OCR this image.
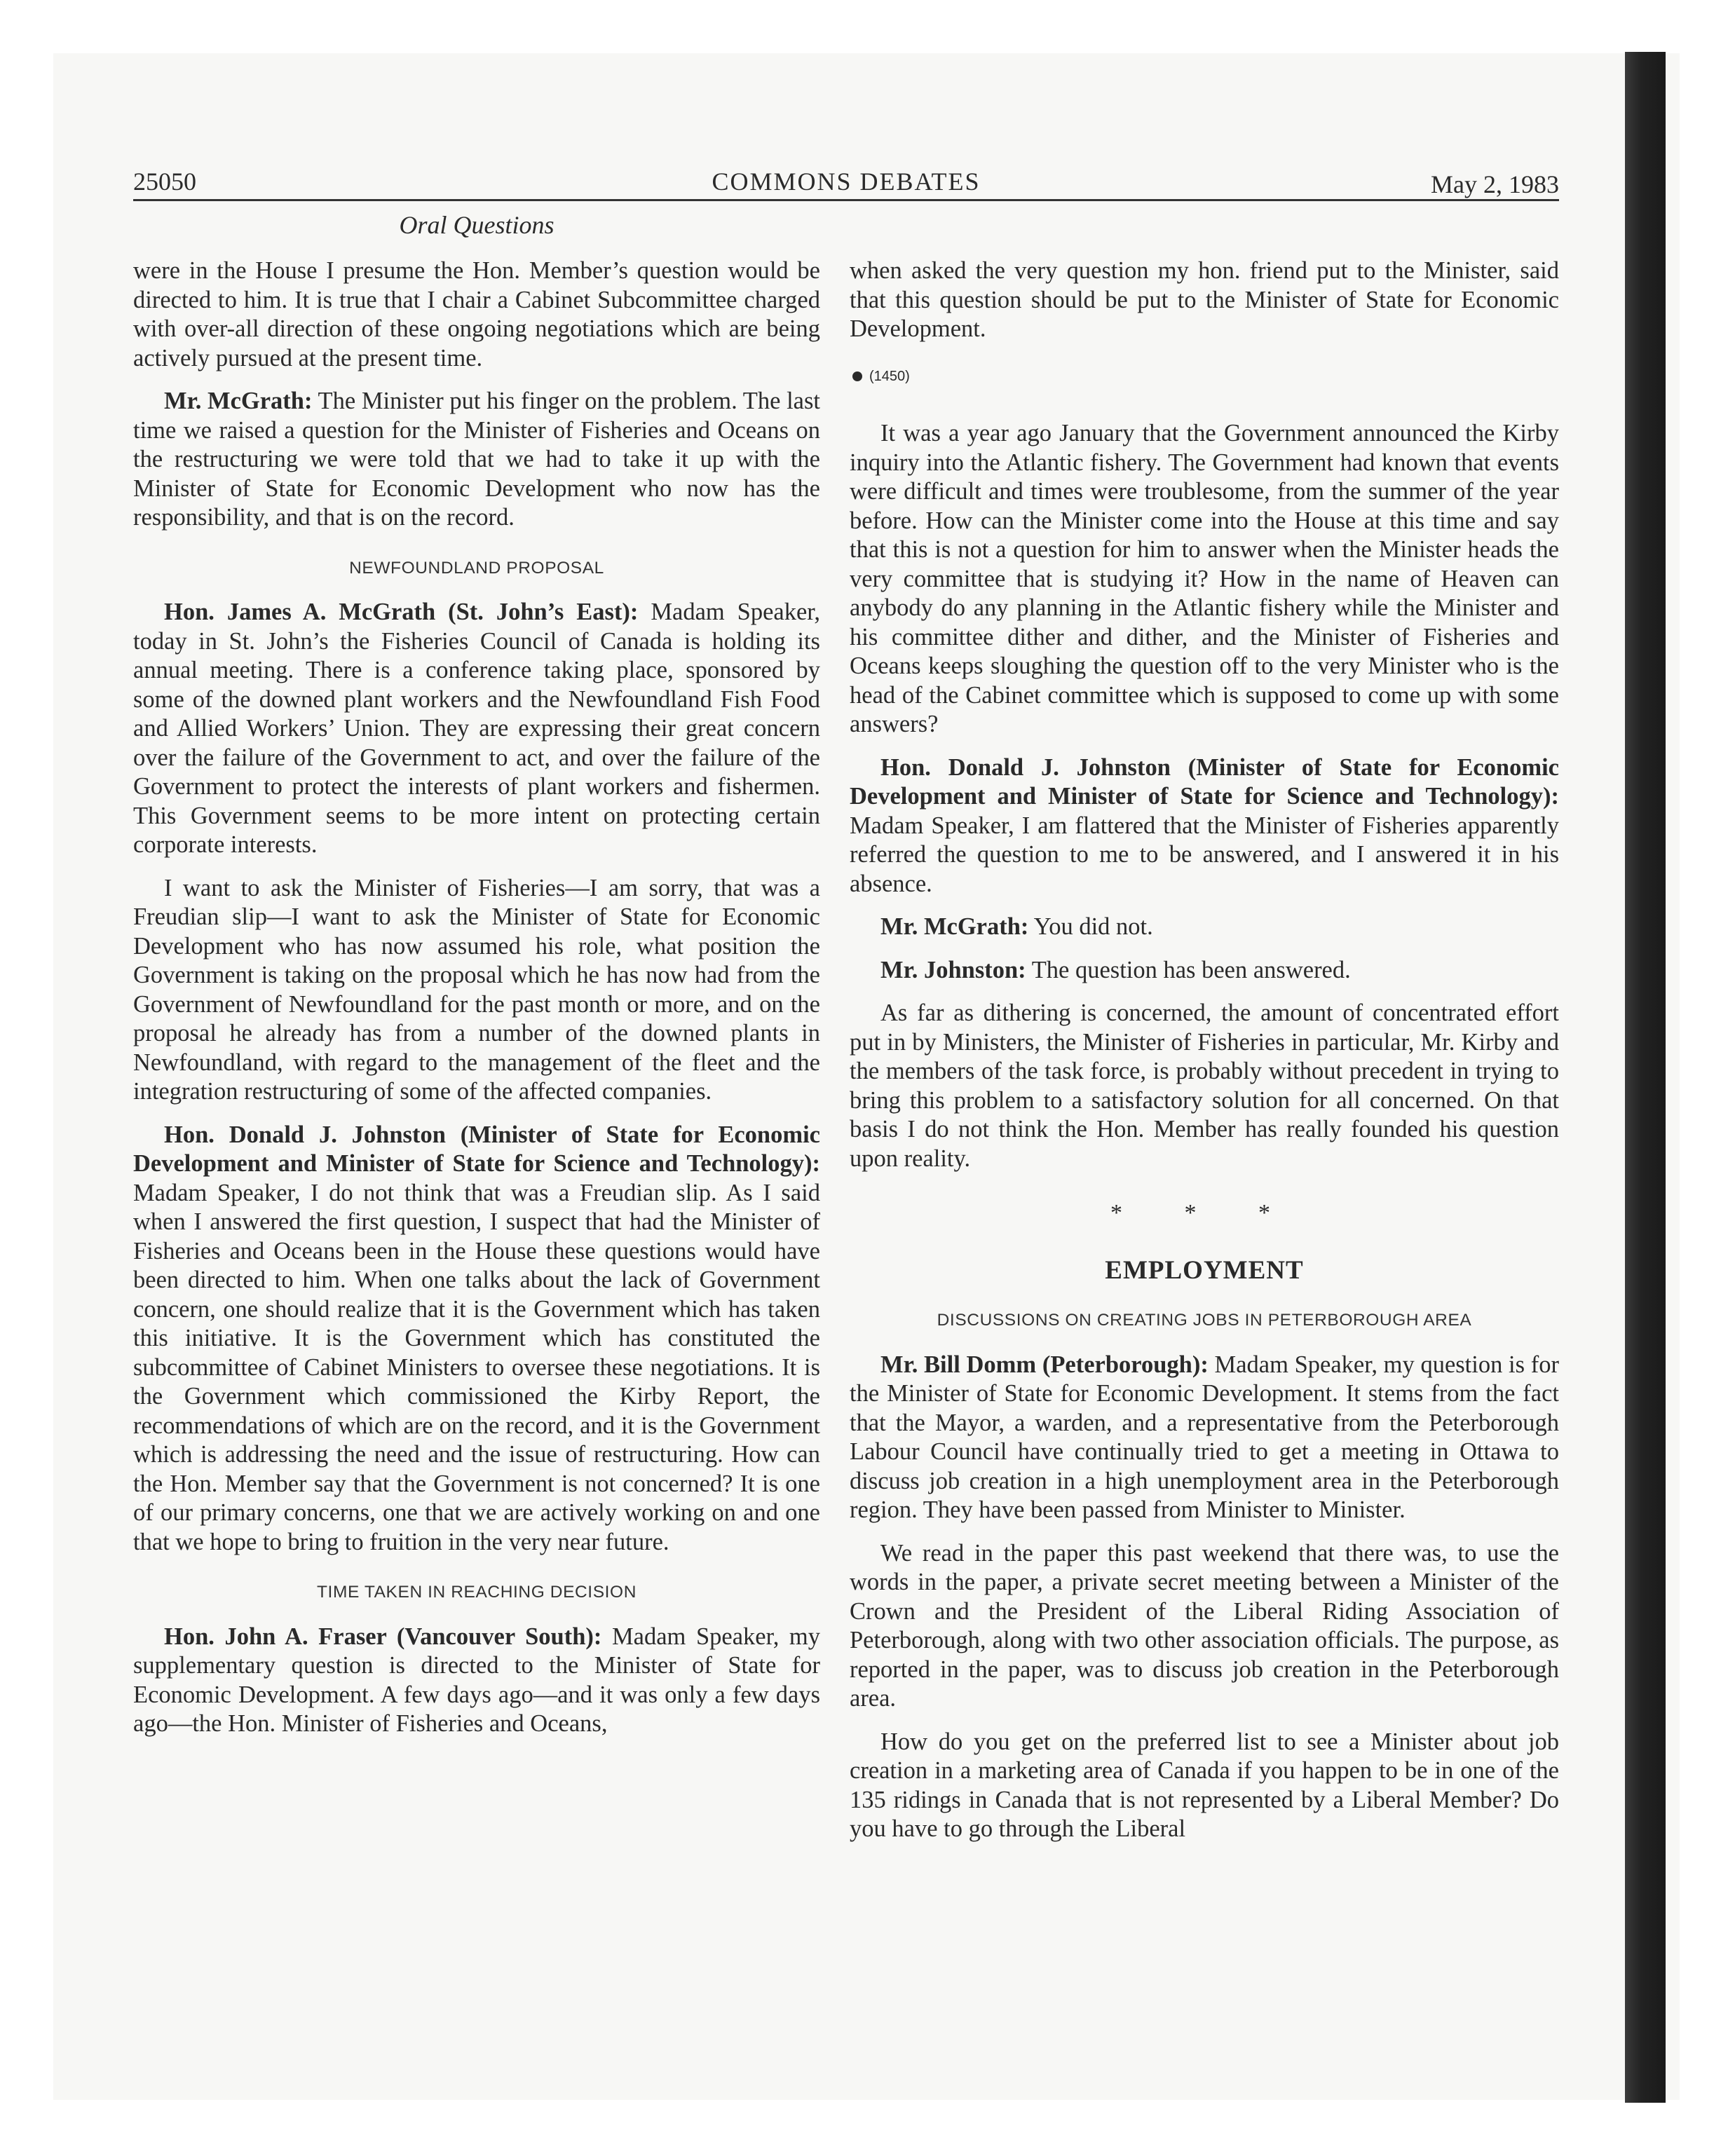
25050	COMMONS DEBATES	May 2, 1983
Oral Questions

were in the House I presume the Hon. Member’s question would be directed to him. It is true that I chair a Cabinet Subcommittee charged with over-all direction of these ongoing negotiations which are being actively pursued at the present time.

Mr. McGrath: The Minister put his finger on the problem. The last time we raised a question for the Minister of Fisheries and Oceans on the restructuring we were told that we had to take it up with the Minister of State for Economic Development who now has the responsibility, and that is on the record.

NEWFOUNDLAND PROPOSAL

Hon. James A. McGrath (St. John’s East): Madam Speaker, today in St. John’s the Fisheries Council of Canada is holding its annual meeting. There is a conference taking place, sponsored by some of the downed plant workers and the Newfoundland Fish Food and Allied Workers’ Union. They are expressing their great concern over the failure of the Government to act, and over the failure of the Government to protect the interests of plant workers and fishermen. This Government seems to be more intent on protecting certain corporate interests.

I want to ask the Minister of Fisheries—I am sorry, that was a Freudian slip—I want to ask the Minister of State for Economic Development who has now assumed his role, what position the Government is taking on the proposal which he has now had from the Government of Newfoundland for the past month or more, and on the proposal he already has from a number of the downed plants in Newfoundland, with regard to the management of the fleet and the integration restructuring of some of the affected companies.

Hon. Donald J. Johnston (Minister of State for Economic Development and Minister of State for Science and Technology): Madam Speaker, I do not think that was a Freudian slip. As I said when I answered the first question, I suspect that had the Minister of Fisheries and Oceans been in the House these questions would have been directed to him. When one talks about the lack of Government concern, one should realize that it is the Government which has taken this initiative. It is the Government which has constituted the subcommittee of Cabinet Ministers to oversee these negotiations. It is the Government which commissioned the Kirby Report, the recommendations of which are on the record, and it is the Government which is addressing the need and the issue of restructuring. How can the Hon. Member say that the Government is not concerned? It is one of our primary concerns, one that we are actively working on and one that we hope to bring to fruition in the very near future.

TIME TAKEN IN REACHING DECISION

Hon. John A. Fraser (Vancouver South): Madam Speaker, my supplementary question is directed to the Minister of State for Economic Development. A few days ago—and it was only a few days ago—the Hon. Minister of Fisheries and Oceans,

when asked the very question my hon. friend put to the Minister, said that this question should be put to the Minister of State for Economic Development.

(1450)

It was a year ago January that the Government announced the Kirby inquiry into the Atlantic fishery. The Government had known that events were difficult and times were troublesome, from the summer of the year before. How can the Minister come into the House at this time and say that this is not a question for him to answer when the Minister heads the very committee that is studying it? How in the name of Heaven can anybody do any planning in the Atlantic fishery while the Minister and his committee dither and dither, and the Minister of Fisheries and Oceans keeps sloughing the question off to the very Minister who is the head of the Cabinet committee which is supposed to come up with some answers?

Hon. Donald J. Johnston (Minister of State for Economic Development and Minister of State for Science and Technology): Madam Speaker, I am flattered that the Minister of Fisheries apparently referred the question to me to be answered, and I answered it in his absence.

Mr. McGrath: You did not.

Mr. Johnston: The question has been answered.

As far as dithering is concerned, the amount of concentrated effort put in by Ministers, the Minister of Fisheries in particular, Mr. Kirby and the members of the task force, is probably without precedent in trying to bring this problem to a satisfactory solution for all concerned. On that basis I do not think the Hon. Member has really founded his question upon reality.

* * *
EMPLOYMENT
DISCUSSIONS ON CREATING JOBS IN PETERBOROUGH AREA

Mr. Bill Domm (Peterborough): Madam Speaker, my question is for the Minister of State for Economic Development. It stems from the fact that the Mayor, a warden, and a representative from the Peterborough Labour Council have continually tried to get a meeting in Ottawa to discuss job creation in a high unemployment area in the Peterborough region. They have been passed from Minister to Minister.

We read in the paper this past weekend that there was, to use the words in the paper, a private secret meeting between a Minister of the Crown and the President of the Liberal Riding Association of Peterborough, along with two other association officials. The purpose, as reported in the paper, was to discuss job creation in the Peterborough area.

How do you get on the preferred list to see a Minister about job creation in a marketing area of Canada if you happen to be in one of the 135 ridings in Canada that is not represented by a Liberal Member? Do you have to go through the Liberal
